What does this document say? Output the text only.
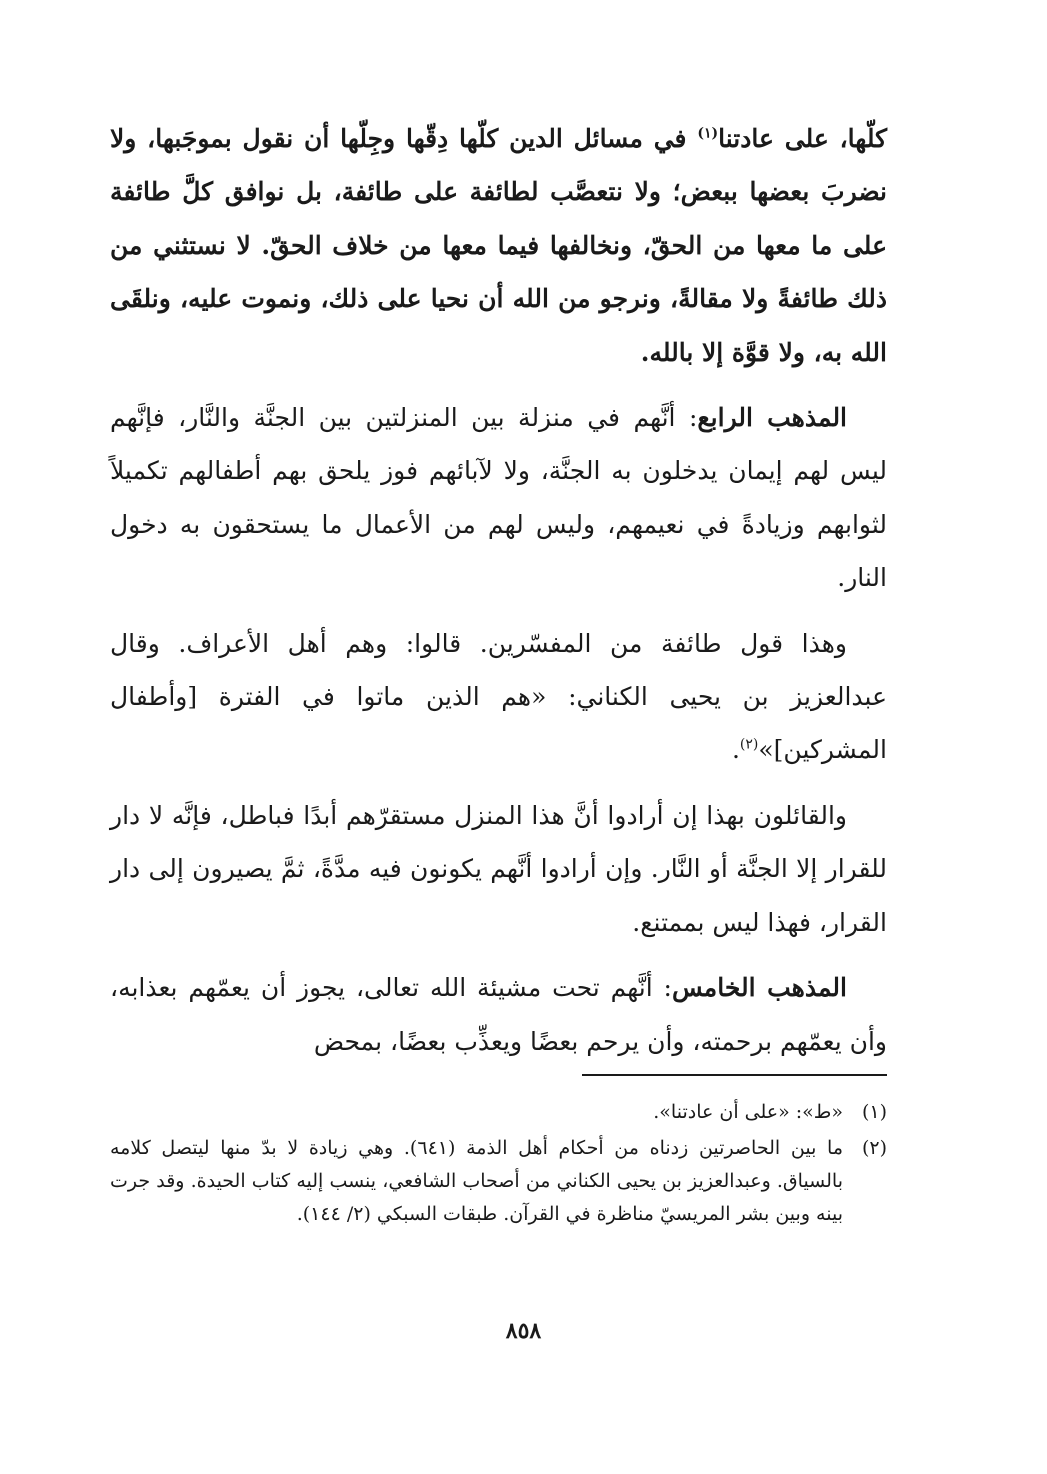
كلّها، على عادتنا$^{(١)}$ في مسائل الدين كلّها دِقّها وجِلّها أن نقول بموجَبها، ولا نضربَ بعضها ببعض؛ ولا نتعصَّب لطائفة على طائفة، بل نوافق كلَّ طائفة على ما معها من الحقّ، ونخالفها فيما معها من خلاف الحقّ. لا نستثني من ذلك طائفةً ولا مقالةً، ونرجو من الله أن نحيا على ذلك، ونموت عليه، ونلقَى الله به، ولا قوَّة إلا بالله.

المذهب الرابع: أنَّهم في منزلة بين المنزلتين بين الجنَّة والنَّار، فإنَّهم ليس لهم إيمان يدخلون به الجنَّة، ولا لآبائهم فوز يلحق بهم أطفالهم تكميلاً لثوابهم وزيادةً في نعيمهم، وليس لهم من الأعمال ما يستحقون به دخول النار.

وهذا قول طائفة من المفسّرين. قالوا: وهم أهل الأعراف. وقال عبدالعزيز بن يحيى الكناني: «هم الذين ماتوا في الفترة [وأطفال المشركين]»$^{(٢)}$.

والقائلون بهذا إن أرادوا أنَّ هذا المنزل مستقرّهم أبدًا فباطل، فإنَّه لا دار للقرار إلا الجنَّة أو النَّار. وإن أرادوا أنَّهم يكونون فيه مدَّةً، ثمَّ يصيرون إلى دار القرار، فهذا ليس بممتنع.

المذهب الخامس: أنَّهم تحت مشيئة الله تعالى، يجوز أن يعمّهم بعذابه، وأن يعمّهم برحمته، وأن يرحم بعضًا ويعذِّب بعضًا، بمحض

(١)
«ط»: «على أن عادتنا».
(٢)
ما بين الحاصرتين زدناه من أحكام أهل الذمة (٦٤١). وهي زيادة لا بدّ منها ليتصل كلامه بالسياق. وعبدالعزيز بن يحيى الكناني من أصحاب الشافعي، ينسب إليه كتاب الحيدة. وقد جرت بينه وبين بشر المريسيّ مناظرة في القرآن. طبقات السبكي (٢/ ١٤٤).
٨٥٨
